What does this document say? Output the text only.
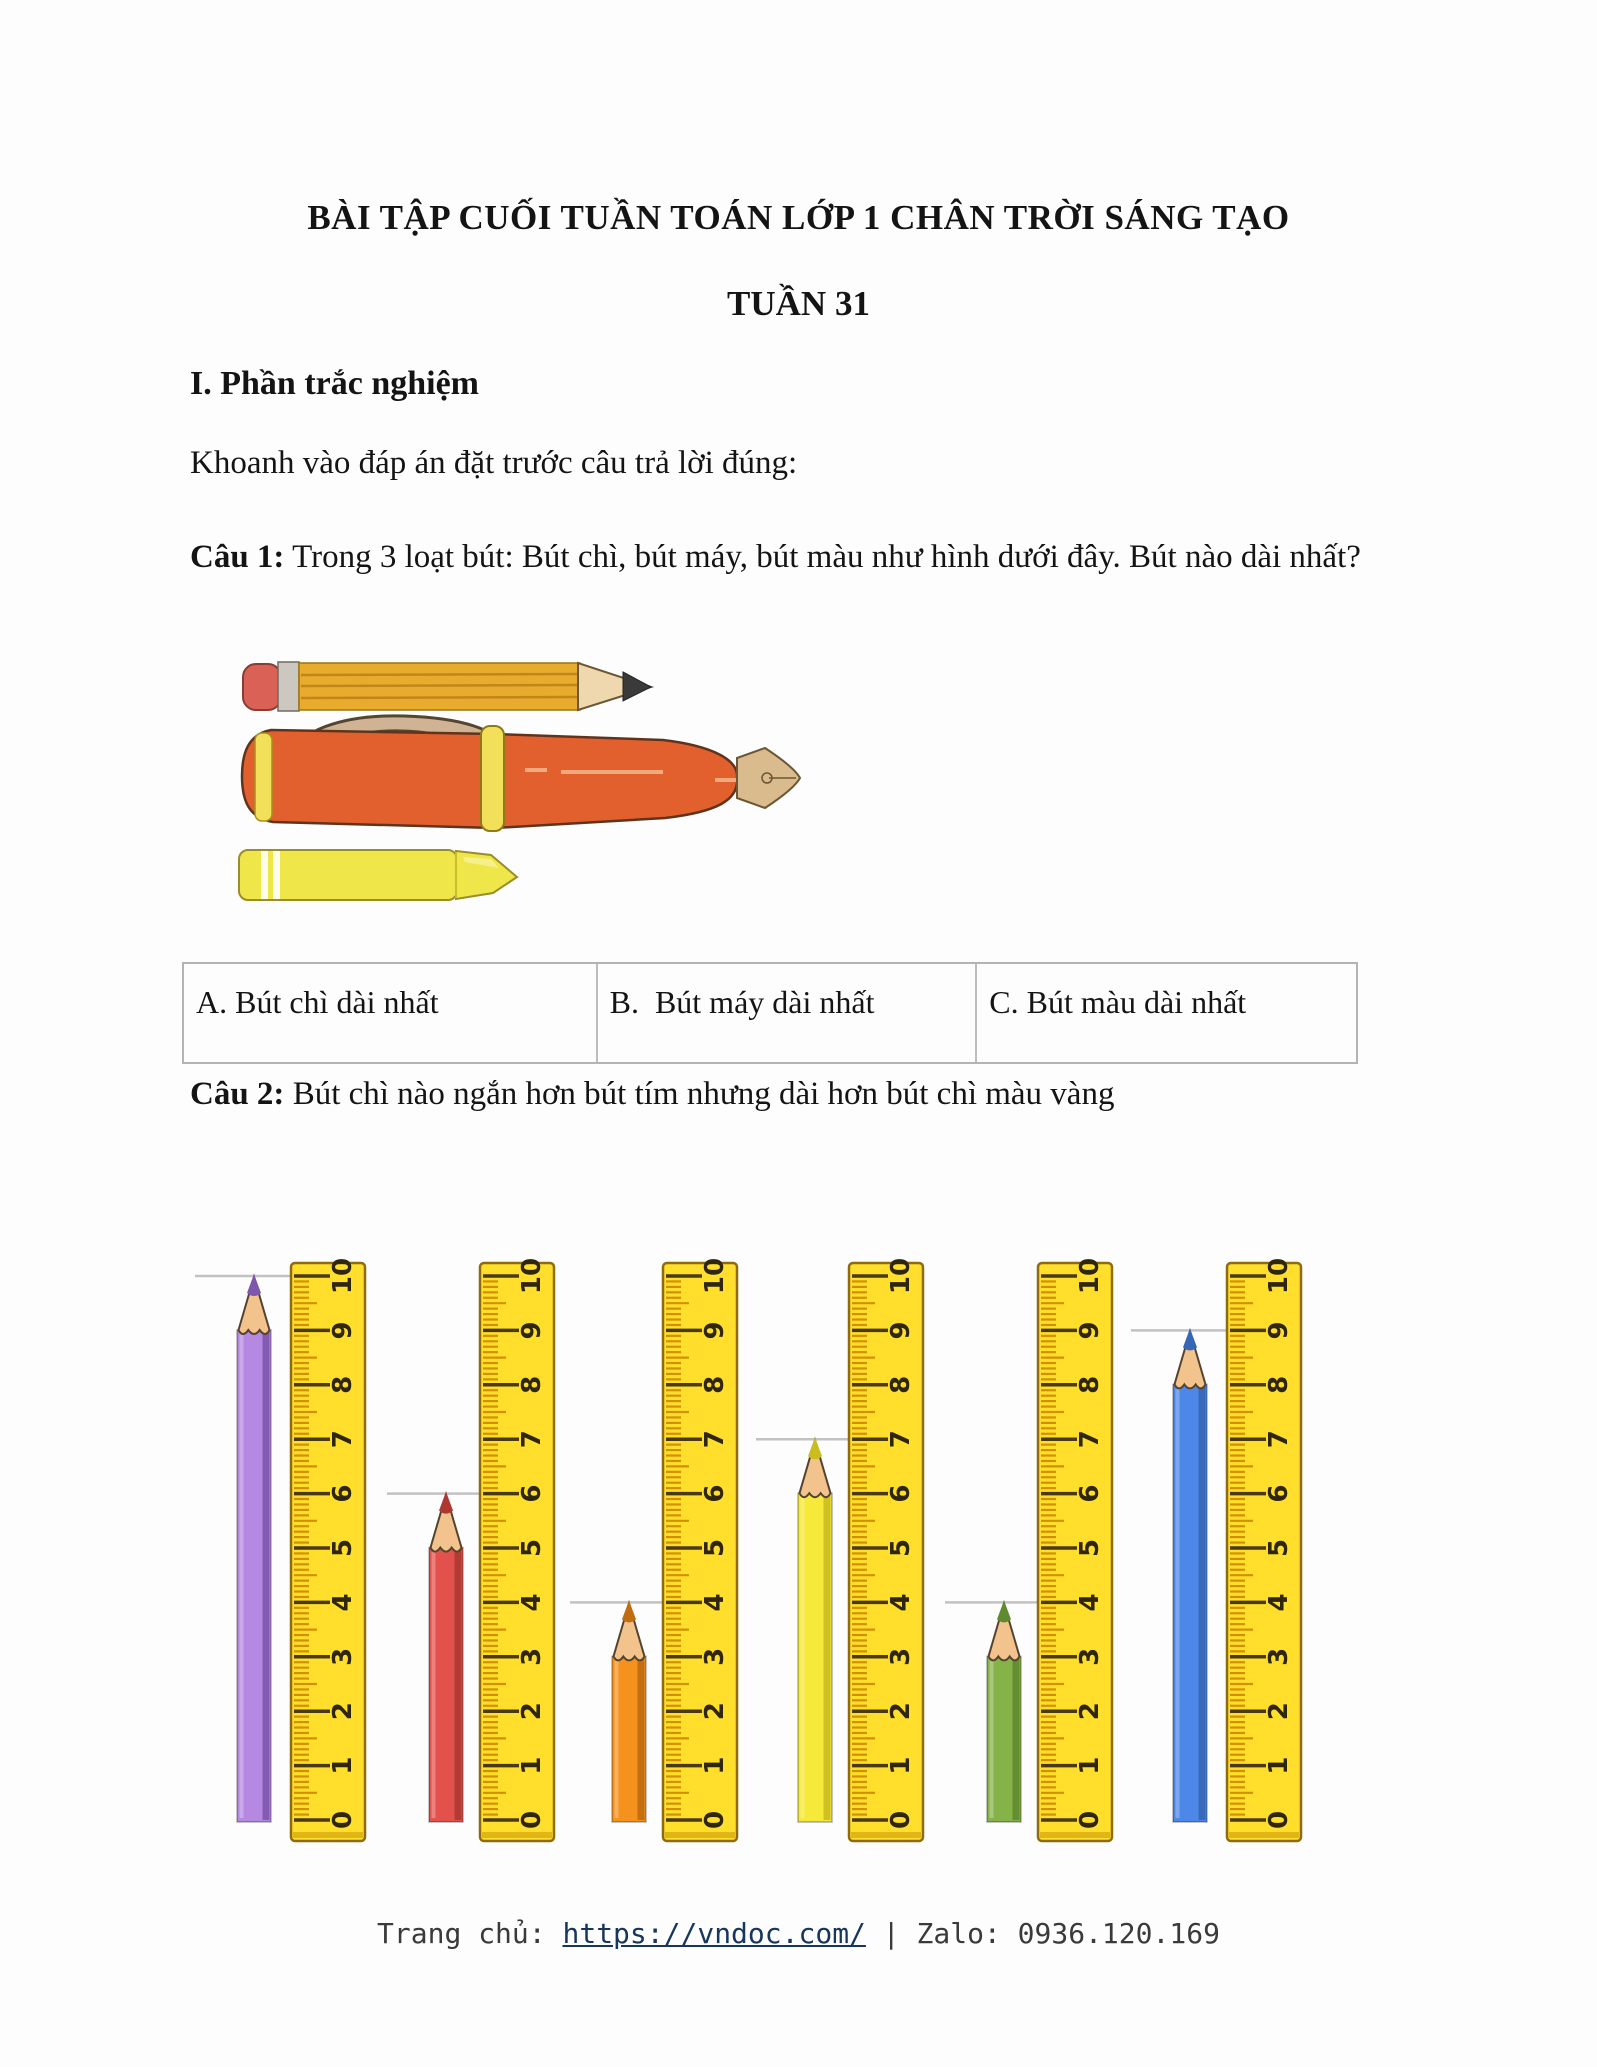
BÀI TẬP CUỐI TUẦN TOÁN LỚP 1 CHÂN TRỜI SÁNG TẠO
TUẦN 31
I. Phần trắc nghiệm
Khoanh vào đáp án đặt trước câu trả lời đúng:
Câu 1: Trong 3 loạt bút: Bút chì, bút máy, bút màu như hình dưới đây. Bút nào dài nhất?
A. Bút chì dài nhất	B.  Bút máy dài nhất	C. Bút màu dài nhất
Câu 2: Bút chì nào ngắn hơn bút tím nhưng dài hơn bút chì màu vàng
0
1
2
3
4
5
6
7
8
9
10
0
1
2
3
4
5
6
7
8
9
10
0
1
2
3
4
5
6
7
8
9
10
0
1
2
3
4
5
6
7
8
9
10
0
1
2
3
4
5
6
7
8
9
10
0
1
2
3
4
5
6
7
8
9
10
Trang chủ: https://vndoc.com/ | Zalo: 0936.120.169
